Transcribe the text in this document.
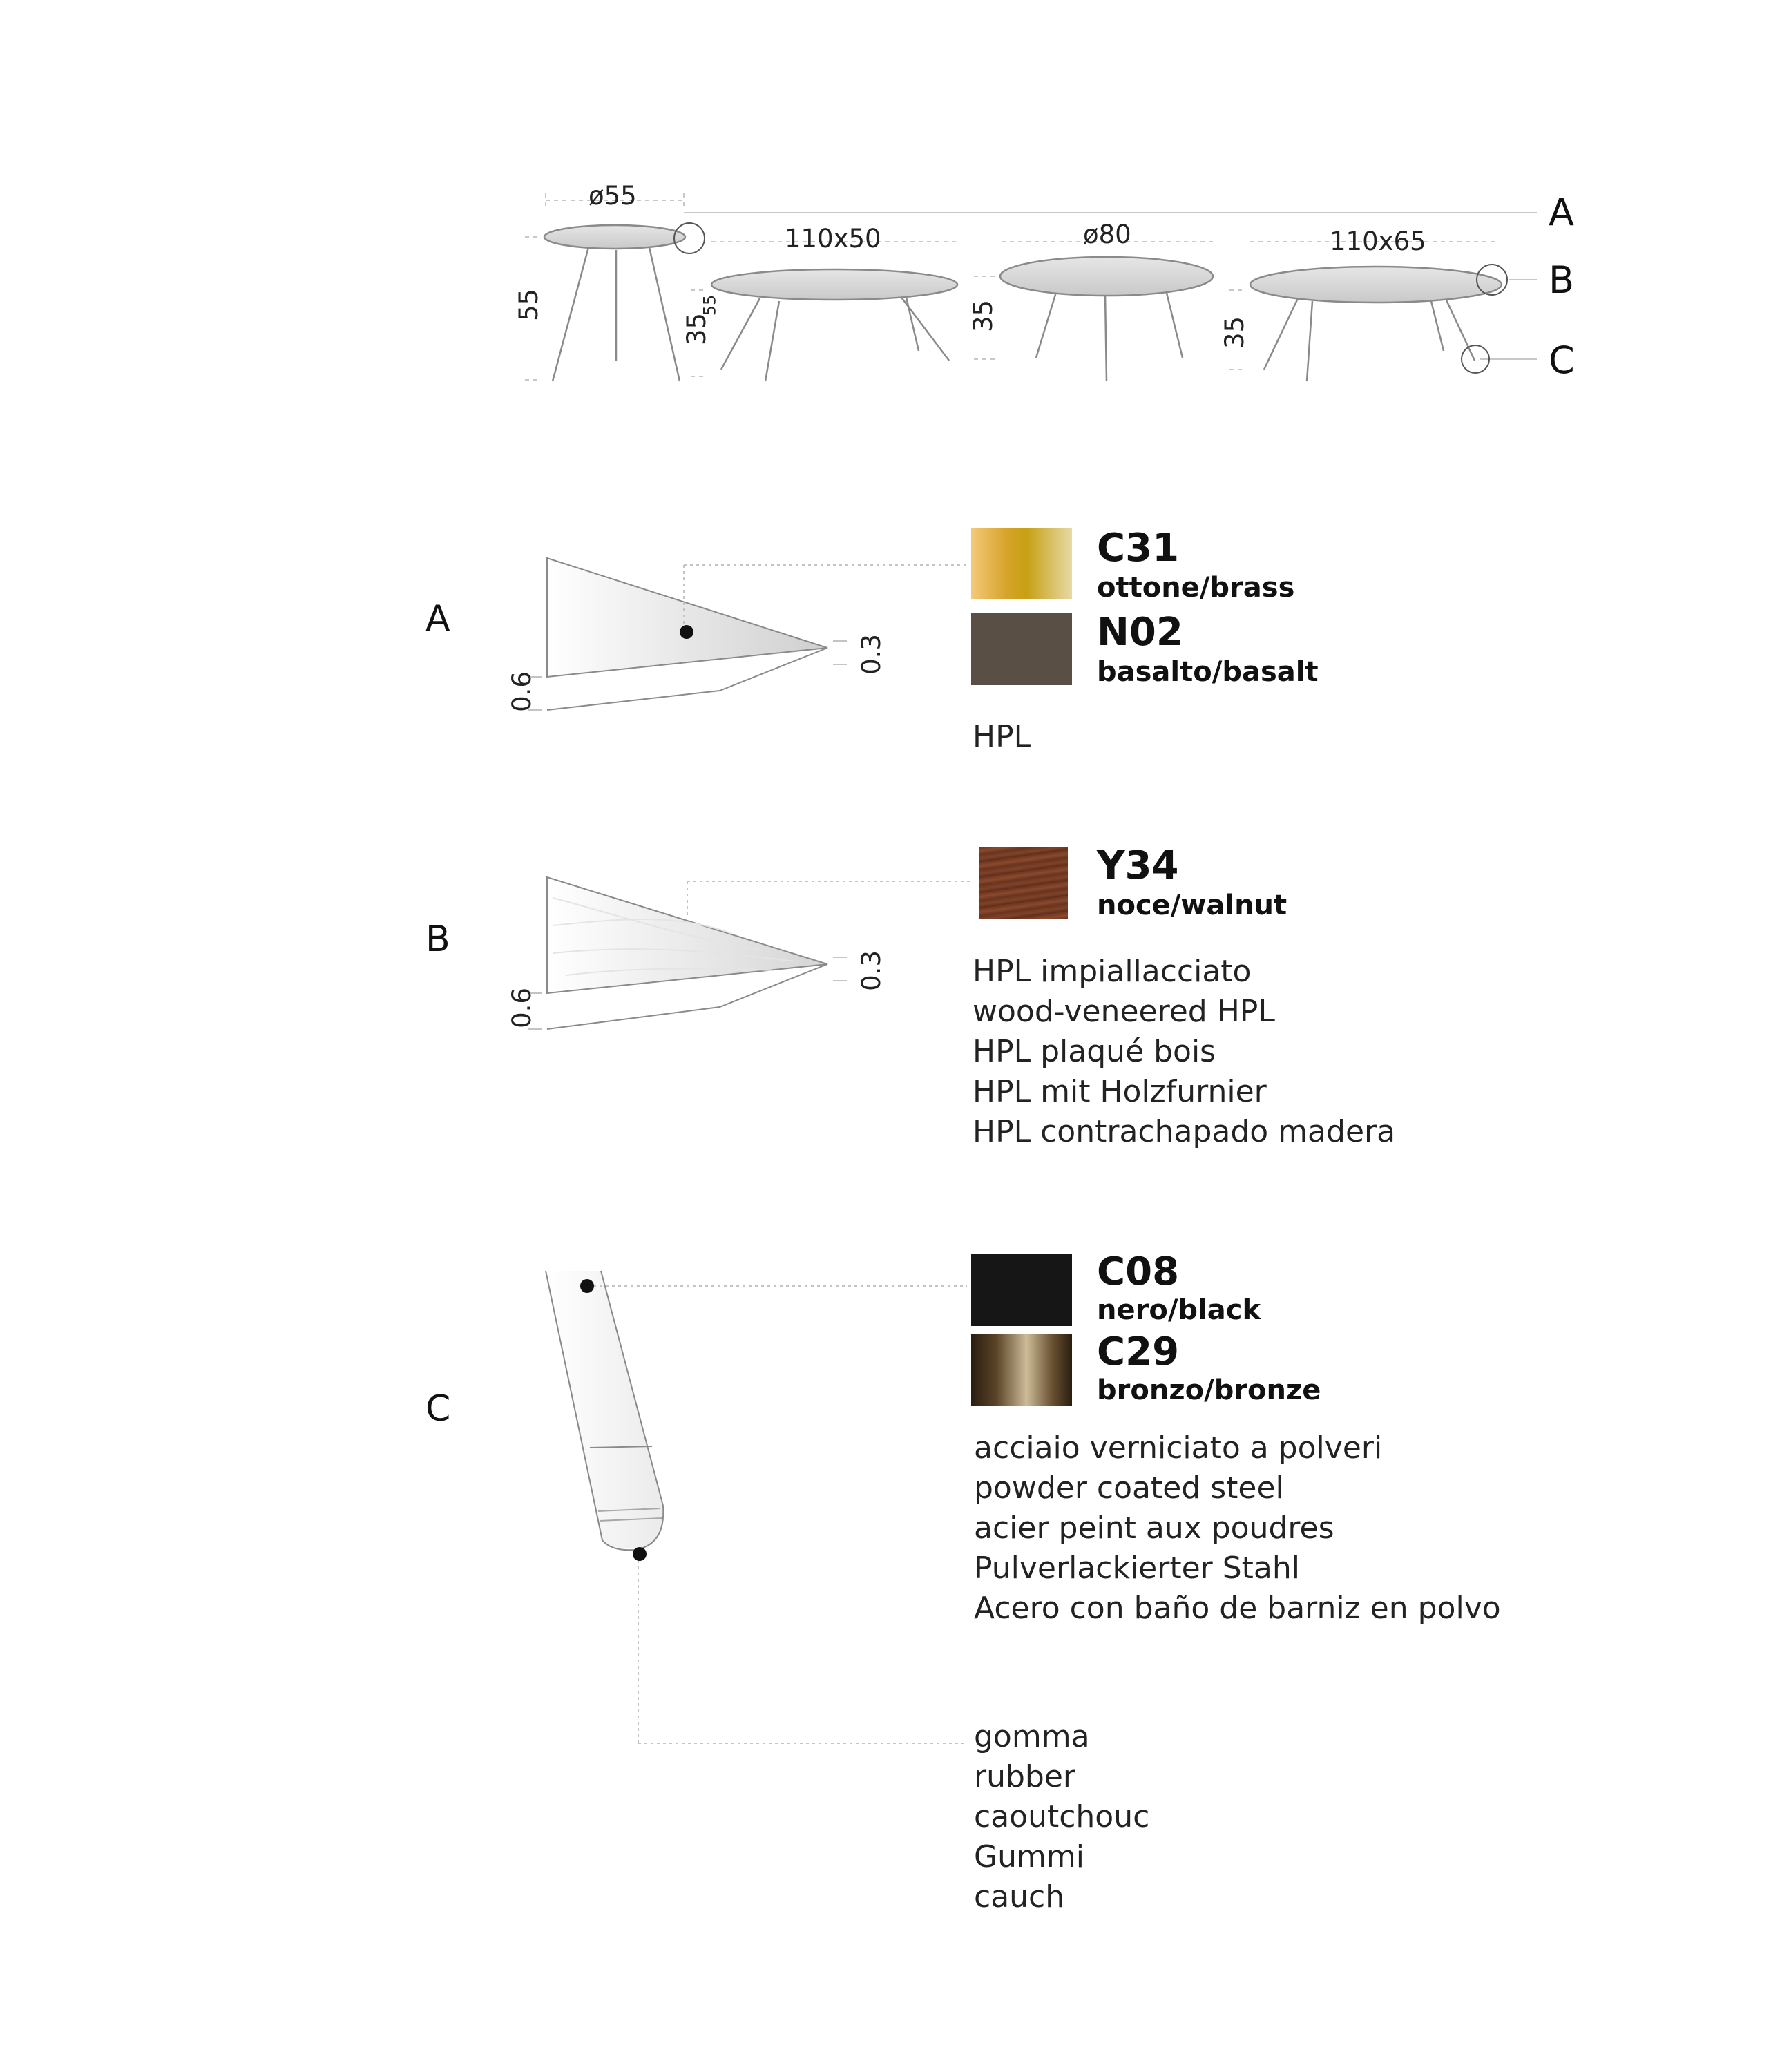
ø55
110x50	ø80	110x65
55
35
55	35
35
A
B
C
A
0.6
0.3
C31
ottone/brass
N02
basalto/basalt
HPL
B
0.6
0.3
Y34
noce/walnut
HPL impiallacciato
wood-veneered HPL
HPL plaqué bois
HPL mit Holzfurnier
HPL contrachapado madera
C
C08
nero/black
C29
bronzo/bronze
acciaio verniciato a polveri
powder coated steel
acier peint aux poudres
Pulverlackierter Stahl
Acero con baño de barniz en polvo
gomma
rubber
caoutchouc
Gummi
cauch
